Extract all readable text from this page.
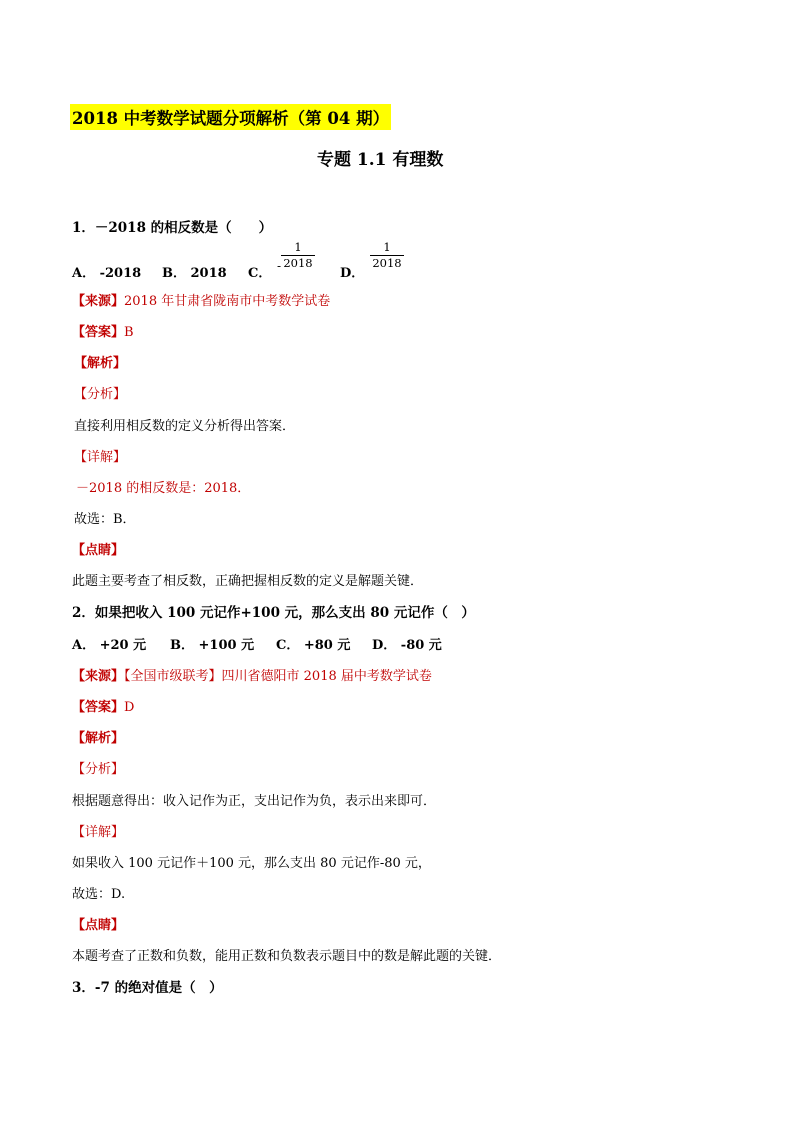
2018 中考数学试题分项解析（第 04 期）
专题 1.1 有理数
1．－2018 的相反数是（　　）
A． -2018 B． 2018 C． -
1
2018
D．
1
2018
【来源】2018 年甘肃省陇南市中考数学试卷
【答案】B
【解析】
【分析】
直接利用相反数的定义分析得出答案．
【详解】
－2018 的相反数是：2018．
故选：B．
【点睛】
此题主要考查了相反数，正确把握相反数的定义是解题关键．
2．如果把收入 100 元记作+100 元，那么支出 80 元记作（　）
A． +20 元 B． +100 元 C． +80 元 D． -80 元
【来源】【全国市级联考】四川省德阳市 2018 届中考数学试卷
【答案】D
【解析】
【分析】
根据题意得出：收入记作为正，支出记作为负，表示出来即可．
【详解】
如果收入 100 元记作＋100 元，那么支出 80 元记作-80 元，
故选：D.
【点睛】
本题考查了正数和负数，能用正数和负数表示题目中的数是解此题的关键．
3．-7 的绝对值是（　）
